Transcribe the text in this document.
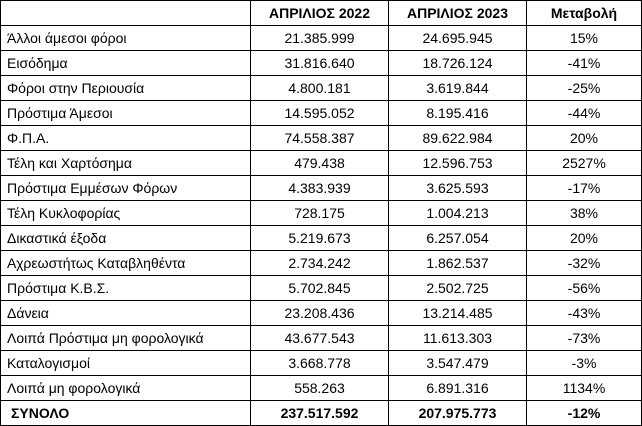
	ΑΠΡΙΛΙΟΣ 2022	ΑΠΡΙΛΙΟΣ 2023	Μεταβολή
Άλλοι άμεσοι φόροι	21.385.999	24.695.945	15%
Εισόδημα	31.816.640	18.726.124	-41%
Φόροι στην Περιουσία	4.800.181	3.619.844	-25%
Πρόστιμα Άμεσοι	14.595.052	8.195.416	-44%
Φ.Π.Α.	74.558.387	89.622.984	20%
Τέλη και Χαρτόσημα	479.438	12.596.753	2527%
Πρόστιμα Εμμέσων Φόρων	4.383.939	3.625.593	-17%
Τέλη Κυκλοφορίας	728.175	1.004.213	38%
Δικαστικά έξοδα	5.219.673	6.257.054	20%
Αχρεωστήτως Καταβληθέντα	2.734.242	1.862.537	-32%
Πρόστιμα Κ.Β.Σ.	5.702.845	2.502.725	-56%
Δάνεια	23.208.436	13.214.485	-43%
Λοιπά Πρόστιμα μη φορολογικά	43.677.543	11.613.303	-73%
Καταλογισμοί	3.668.778	3.547.479	-3%
Λοιπά μη φορολογικά	558.263	6.891.316	1134%
ΣΥΝΟΛΟ	237.517.592	207.975.773	-12%
